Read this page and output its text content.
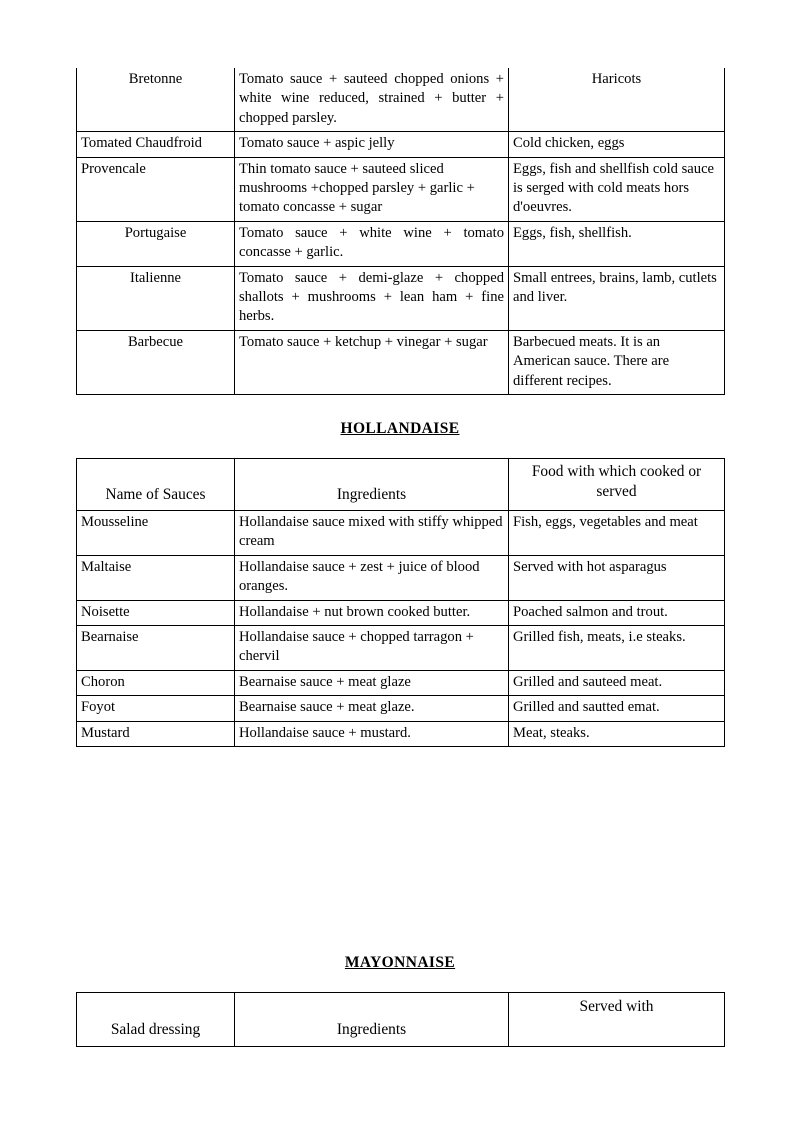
Bretonne	Tomato sauce + sauteed chopped onions + white wine reduced, strained + butter + chopped parsley.	Haricots
Tomated Chaudfroid	Tomato sauce + aspic jelly	Cold chicken, eggs
Provencale	Thin tomato sauce + sauteed sliced mushrooms +chopped parsley + garlic + tomato concasse + sugar	Eggs, fish and shellfish cold sauce is serged with cold meats hors d'oeuvres.
Portugaise	Tomato sauce + white wine + tomato concasse + garlic.	Eggs, fish, shellfish.
Italienne	Tomato sauce + demi-glaze + chopped shallots + mushrooms + lean ham + fine herbs.	Small entrees, brains, lamb, cutlets and liver.
Barbecue	Tomato sauce + ketchup + vinegar + sugar	Barbecued meats. It is an American sauce. There are different recipes.
HOLLANDAISE
Name of Sauces	Ingredients	Food with which cooked or served
Mousseline	Hollandaise sauce mixed with stiffy whipped cream	Fish, eggs, vegetables and meat
Maltaise	Hollandaise sauce + zest + juice of blood oranges.	Served with hot asparagus
Noisette	Hollandaise + nut brown cooked butter.	Poached salmon and trout.
Bearnaise	Hollandaise sauce + chopped tarragon + chervil	Grilled fish, meats, i.e steaks.
Choron	Bearnaise sauce + meat glaze	Grilled and sauteed meat.
Foyot	Bearnaise sauce + meat glaze.	Grilled and sautted emat.
Mustard	Hollandaise sauce + mustard.	Meat, steaks.
MAYONNAISE
Salad dressing	Ingredients	Served with
